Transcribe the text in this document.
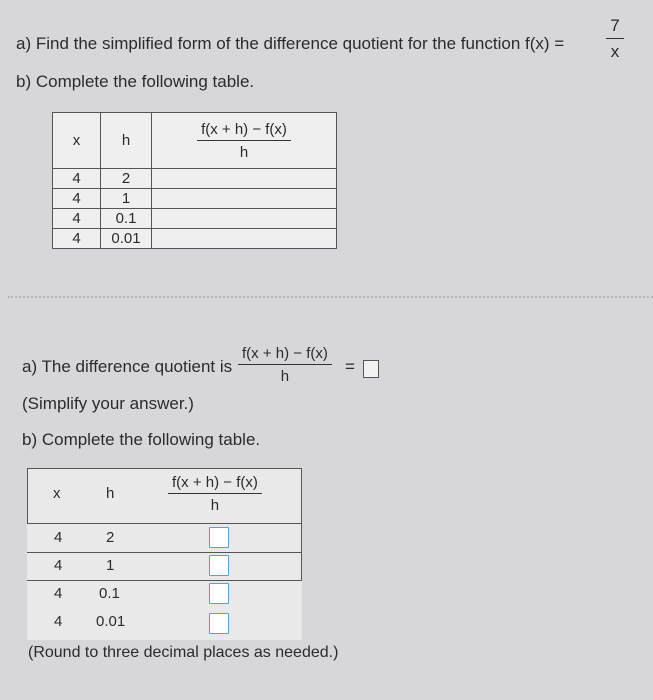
a) Find the simplified form of the difference quotient for the function f(x) =
7
x
b) Complete the following table.
x	h	$\frac{f(x + h) - f(x)}{h}$

4	2	
4	1	
4	0.1	
4	0.01	
a) The difference quotient is
f(x + h) − f(x)
h
=
(Simplify your answer.)
b) Complete the following table.
x	h
f(x + h) − f(x)
h
4	2
4	1
4 0.1
4 0.01
(Round to three decimal places as needed.)
